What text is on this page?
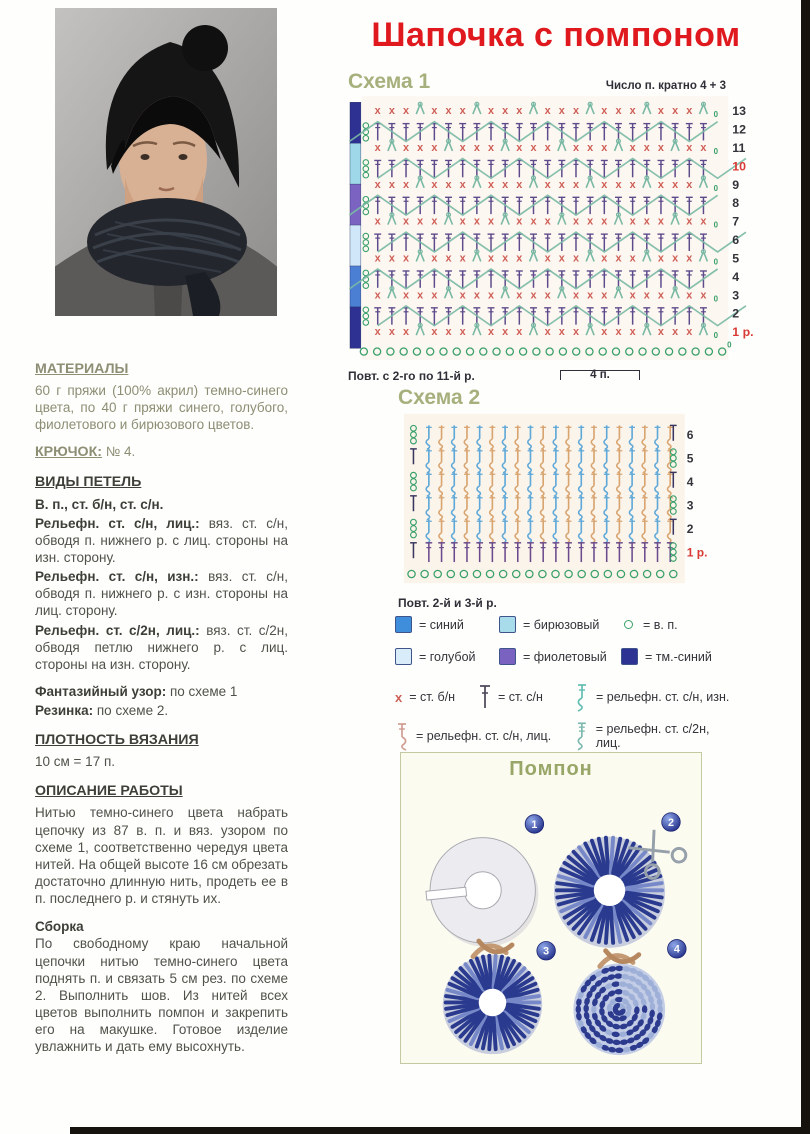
Шапочка с помпоном
Схема 1	Число п. кратно 4 + 3
x x x x x x x x x x x x x x x x x x	0 13
12
x x x x x x x x x x x x x x x x x x 0 11
10
x x x x x x x x x x x x x x x x x x	0 9
8
x x x x x x x x x x x x x x x x x x 0 7
6
x x x x x x x x x x x x x x x x x x	0 5
4
x x x x x x x x x x x x x x x x x x 0 3
2
x x x x x x x x x x x x x x x x x x	0 1 р.
0
Повт. с 2-го по 11-й р.	4 п.
Схема 2
6
5
4
3
2
1 р.
Повт. 2-й и 3-й р.
= синий	= бирюзовый	= в. п.
= голубой	= фиолетовый	= тм.-синий
x = ст. б/н	= ст. с/н	= рельефн. ст. с/н, изн.
= рельефн. ст. с/н, лиц.	= рельефн. ст. с/2н, лиц.
Помпон
1	2
3	4
МАТЕРИАЛЫ

60 г пряжи (100% акрил) темно-синего цвета, по 40 г пряжи синего, голубого, фиолетового и бирюзового цветов.

КРЮЧОК: № 4.

ВИДЫ ПЕТЕЛЬ

В. п., ст. б/н, ст. с/н.

Рельефн. ст. с/н, лиц.: вяз. ст. с/н, обводя п. нижнего р. с лиц. стороны на изн. сторону.

Рельефн. ст. с/н, изн.: вяз. ст. с/н, обводя п. нижнего р. с изн. стороны на лиц. сторону.

Рельефн. ст. с/2н, лиц.: вяз. ст. с/2н, обводя петлю нижнего р. с лиц. стороны на изн. сторону.

Фантазийный узор: по схеме 1

Резинка: по схеме 2.

ПЛОТНОСТЬ ВЯЗАНИЯ

10 см = 17 п.

ОПИСАНИЕ РАБОТЫ

Нитью темно-синего цвета набрать цепочку из 87 в. п. и вяз. узором по схеме 1, соответственно чередуя цвета нитей. На общей высоте 16 см обрезать достаточно длинную нить, продеть ее в п. последнего р. и стянуть их.

Сборка

По свободному краю начальной цепочки нитью темно-синего цвета поднять п. и связать 5 см рез. по схеме 2. Выполнить шов. Из нитей всех цветов выполнить помпон и закрепить его на макушке. Готовое изделие увлажнить и дать ему высохнуть.
